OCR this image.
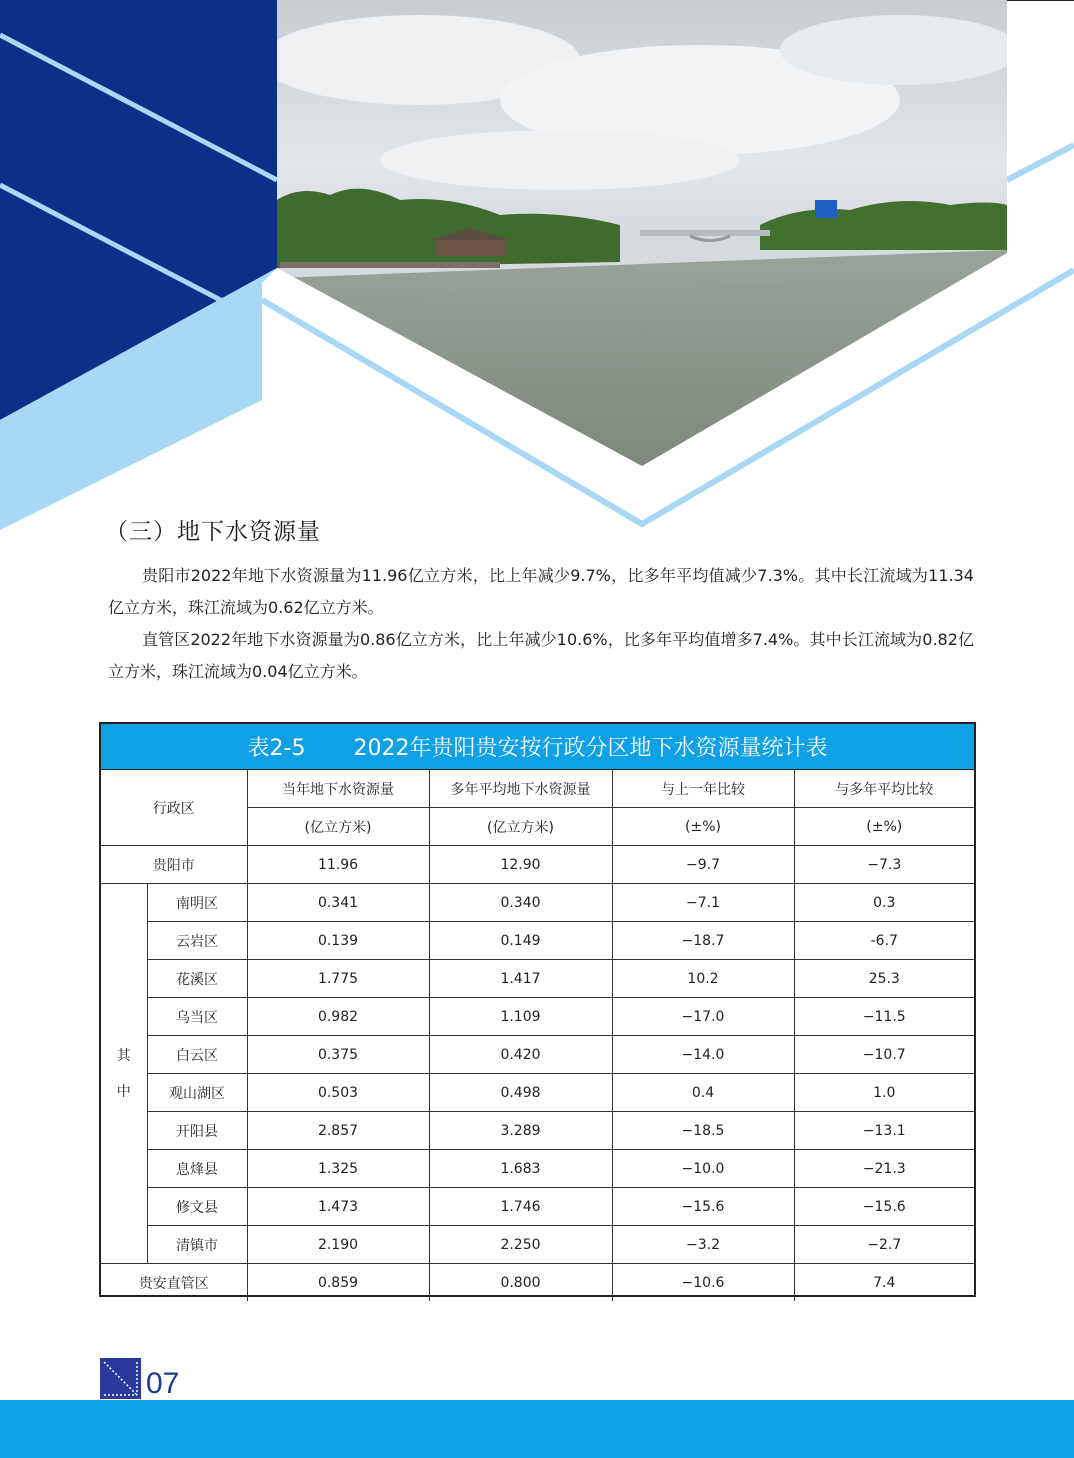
（三）地下水资源量

贵阳市2022年地下水资源量为11.96亿立方米，比上年减少9.7%，比多年平均值减少7.3%。其中长江流域为11.34亿立方米，珠江流域为0.62亿立方米。

直管区2022年地下水资源量为0.86亿立方米，比上年减少10.6%，比多年平均值增多7.4%。其中长江流域为0.82亿立方米，珠江流域为0.04亿立方米。

表2-5 2022年贵阳贵安按行政分区地下水资源量统计表
行政区		当年地下水资源量	多年平均地下水资源量	与上一年比较	与多年平均比较
		(亿立方米)	(亿立方米)	(±%)	(±%)
贵阳市		11.96	12.90	−9.7	−7.3

其
中	南明区	0.341	0.340	−7.1	0.3
	云岩区	0.139	0.149	−18.7	-6.7
	花溪区	1.775	1.417	10.2	25.3
	乌当区	0.982	1.109	−17.0	−11.5
	白云区	0.375	0.420	−14.0	−10.7
	观山湖区	0.503	0.498	0.4	1.0
	开阳县	2.857	3.289	−18.5	−13.1
	息烽县	1.325	1.683	−10.0	−21.3
	修文县	1.473	1.746	−15.6	−15.6
	清镇市	2.190	2.250	−3.2	−2.7
贵安直管区		0.859	0.800	−10.6	7.4
07
